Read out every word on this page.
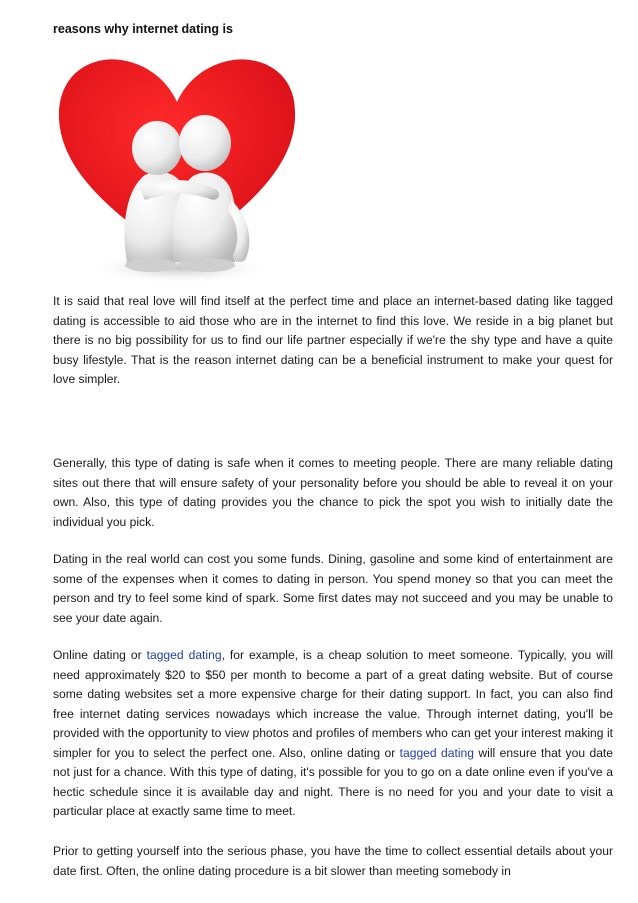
reasons why internet dating is

It is said that real love will find itself at the perfect time and place an internet-based dating like tagged dating is accessible to aid those who are in the internet to find this love. We reside in a big planet but there is no big possibility for us to find our life partner especially if we're the shy type and have a quite busy lifestyle. That is the reason internet dating can be a beneficial instrument to make your quest for love simpler.

Generally, this type of dating is safe when it comes to meeting people. There are many reliable dating sites out there that will ensure safety of your personality before you should be able to reveal it on your own. Also, this type of dating provides you the chance to pick the spot you wish to initially date the individual you pick.

Dating in the real world can cost you some funds. Dining, gasoline and some kind of entertainment are some of the expenses when it comes to dating in person. You spend money so that you can meet the person and try to feel some kind of spark. Some first dates may not succeed and you may be unable to see your date again.

Online dating or tagged dating, for example, is a cheap solution to meet someone. Typically, you will need approximately $20 to $50 per month to become a part of a great dating website. But of course some dating websites set a more expensive charge for their dating support. In fact, you can also find free internet dating services nowadays which increase the value. Through internet dating, you'll be provided with the opportunity to view photos and profiles of members who can get your interest making it simpler for you to select the perfect one. Also, online dating or tagged dating will ensure that you date not just for a chance. With this type of dating, it's possible for you to go on a date online even if you've a hectic schedule since it is available day and night. There is no need for you and your date to visit a particular place at exactly same time to meet.

Prior to getting yourself into the serious phase, you have the time to collect essential details about your date first. Often, the online dating procedure is a bit slower than meeting somebody in
